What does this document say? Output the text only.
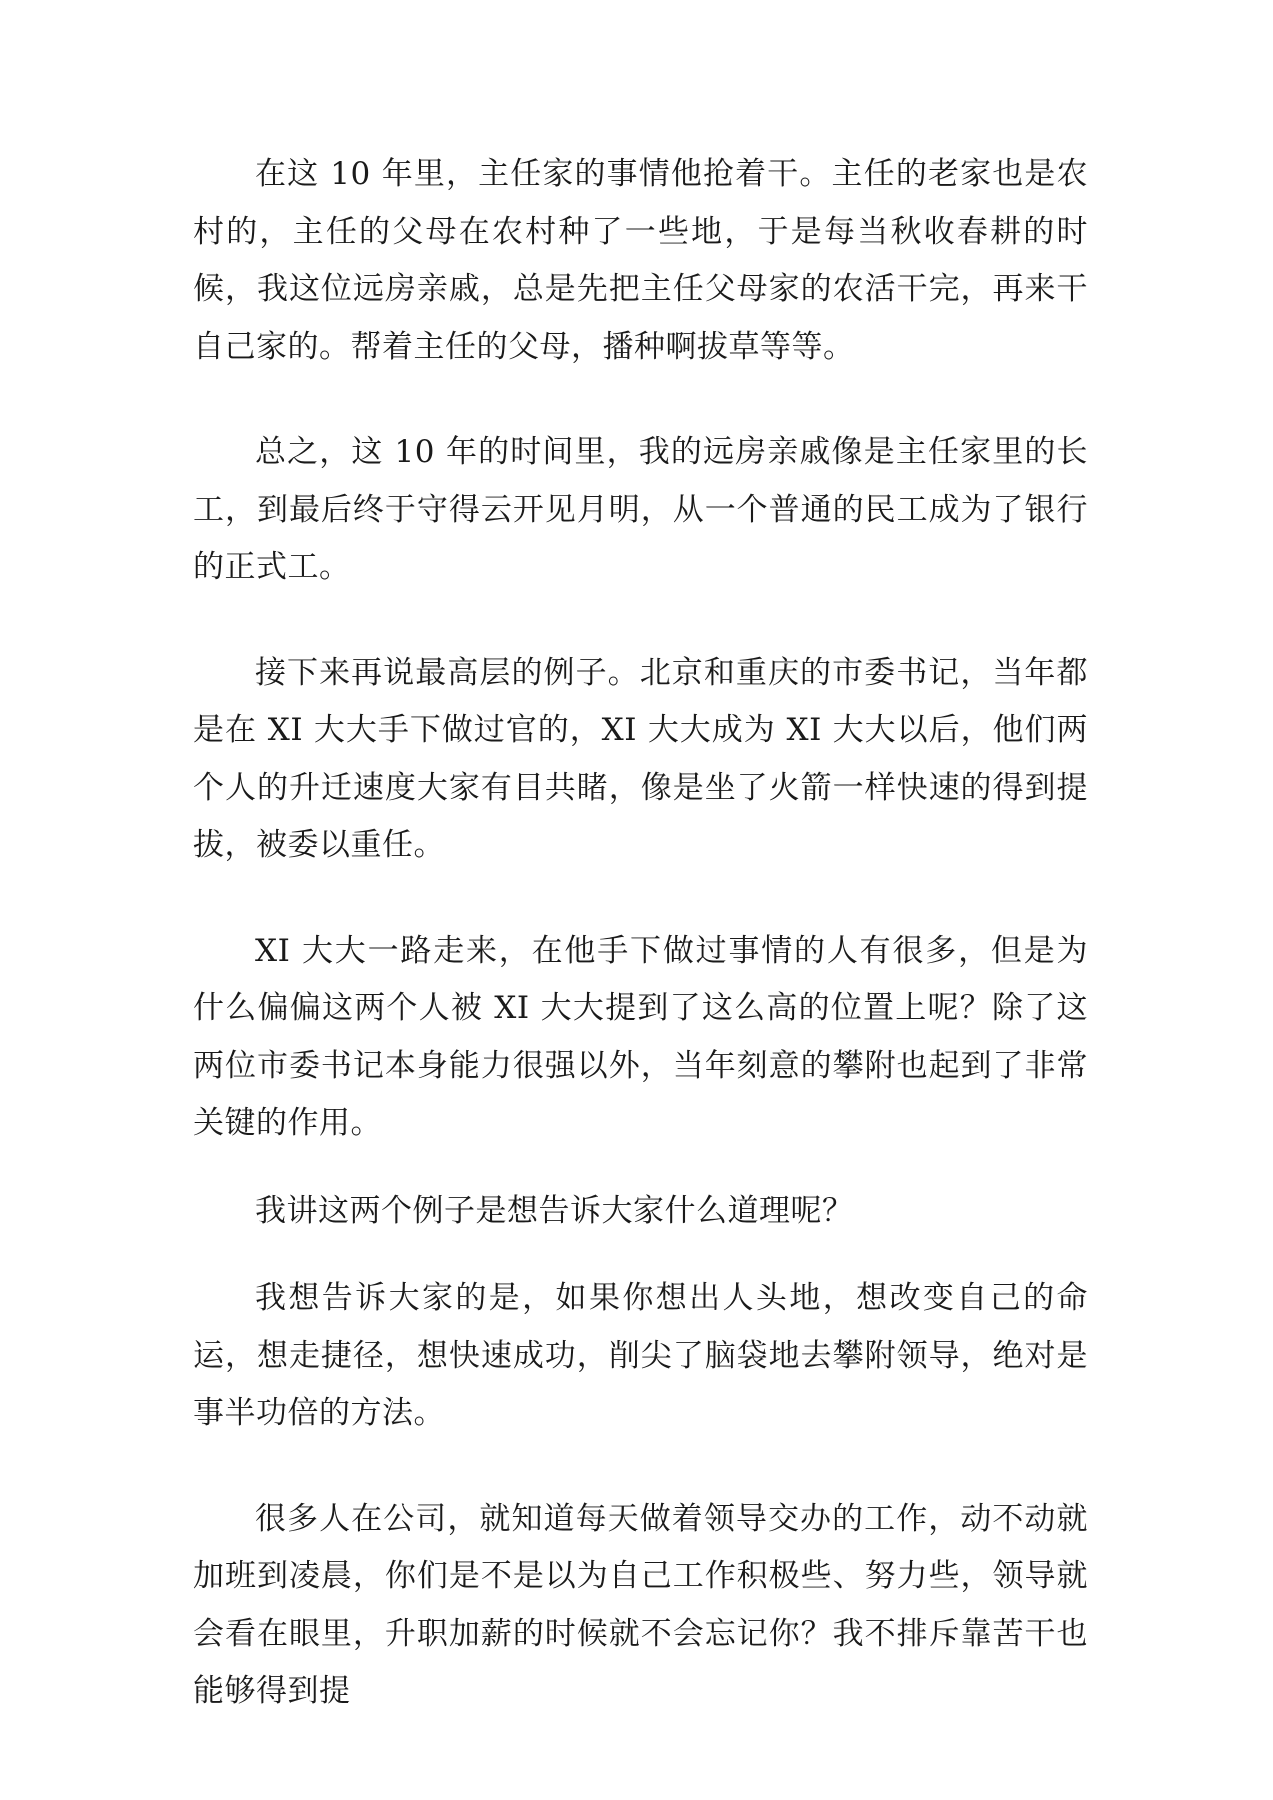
在这 10 年里，主任家的事情他抢着干。主任的老家也是农村的，主任的父母在农村种了一些地，于是每当秋收春耕的时候，我这位远房亲戚，总是先把主任父母家的农活干完，再来干自己家的。帮着主任的父母，播种啊拔草等等。

总之，这 10 年的时间里，我的远房亲戚像是主任家里的长工，到最后终于守得云开见月明，从一个普通的民工成为了银行的正式工。

接下来再说最高层的例子。北京和重庆的市委书记，当年都是在 XI 大大手下做过官的，XI 大大成为 XI 大大以后，他们两个人的升迁速度大家有目共睹，像是坐了火箭一样快速的得到提拔，被委以重任。

XI 大大一路走来，在他手下做过事情的人有很多，但是为什么偏偏这两个人被 XI 大大提到了这么高的位置上呢？除了这两位市委书记本身能力很强以外，当年刻意的攀附也起到了非常关键的作用。

我讲这两个例子是想告诉大家什么道理呢？

我想告诉大家的是，如果你想出人头地，想改变自己的命运，想走捷径，想快速成功，削尖了脑袋地去攀附领导，绝对是事半功倍的方法。

很多人在公司，就知道每天做着领导交办的工作，动不动就加班到凌晨，你们是不是以为自己工作积极些、努力些，领导就会看在眼里，升职加薪的时候就不会忘记你？我不排斥靠苦干也能够得到提
